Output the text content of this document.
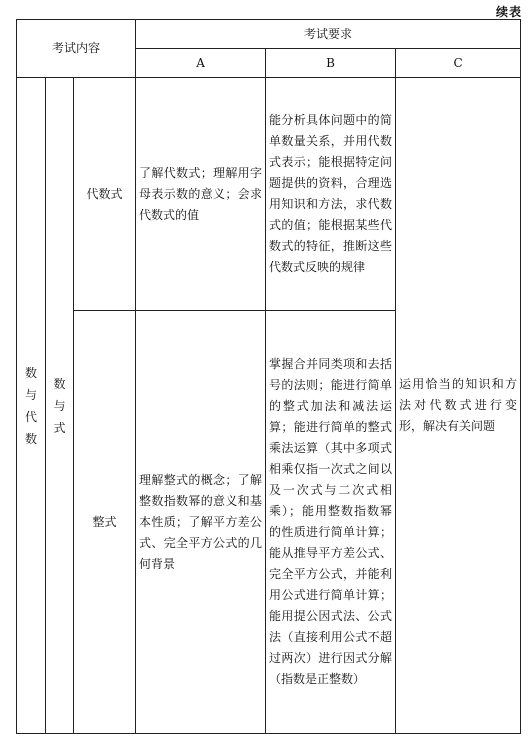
续表
考试内容			考试要求		
			A	B	C
数与代数	数与式	代数式	了解代数式；理解用字母表示数的意义；会求代数式的值	能分析具体问题中的简单数量关系，并用代数式表示；能根据特定问题提供的资料，合理选用知识和方法，求代数式的值；能根据某些代数式的特征，推断这些代数式反映的规律	运用恰当的知识和方法对代数式进行变形，解决有关问题
		整式	理解整式的概念；了解整数指数幂的意义和基本性质；了解平方差公式、完全平方公式的几何背景	掌握合并同类项和去括号的法则；能进行简单的整式加法和减法运算；能进行简单的整式乘法运算（其中多项式相乘仅指一次式之间以及一次式与二次式相乘）；能用整数指数幂的性质进行简单计算；能从推导平方差公式、完全平方公式，并能利用公式进行简单计算；能用提公因式法、公式法（直接利用公式不超过两次）进行因式分解（指数是正整数）	
